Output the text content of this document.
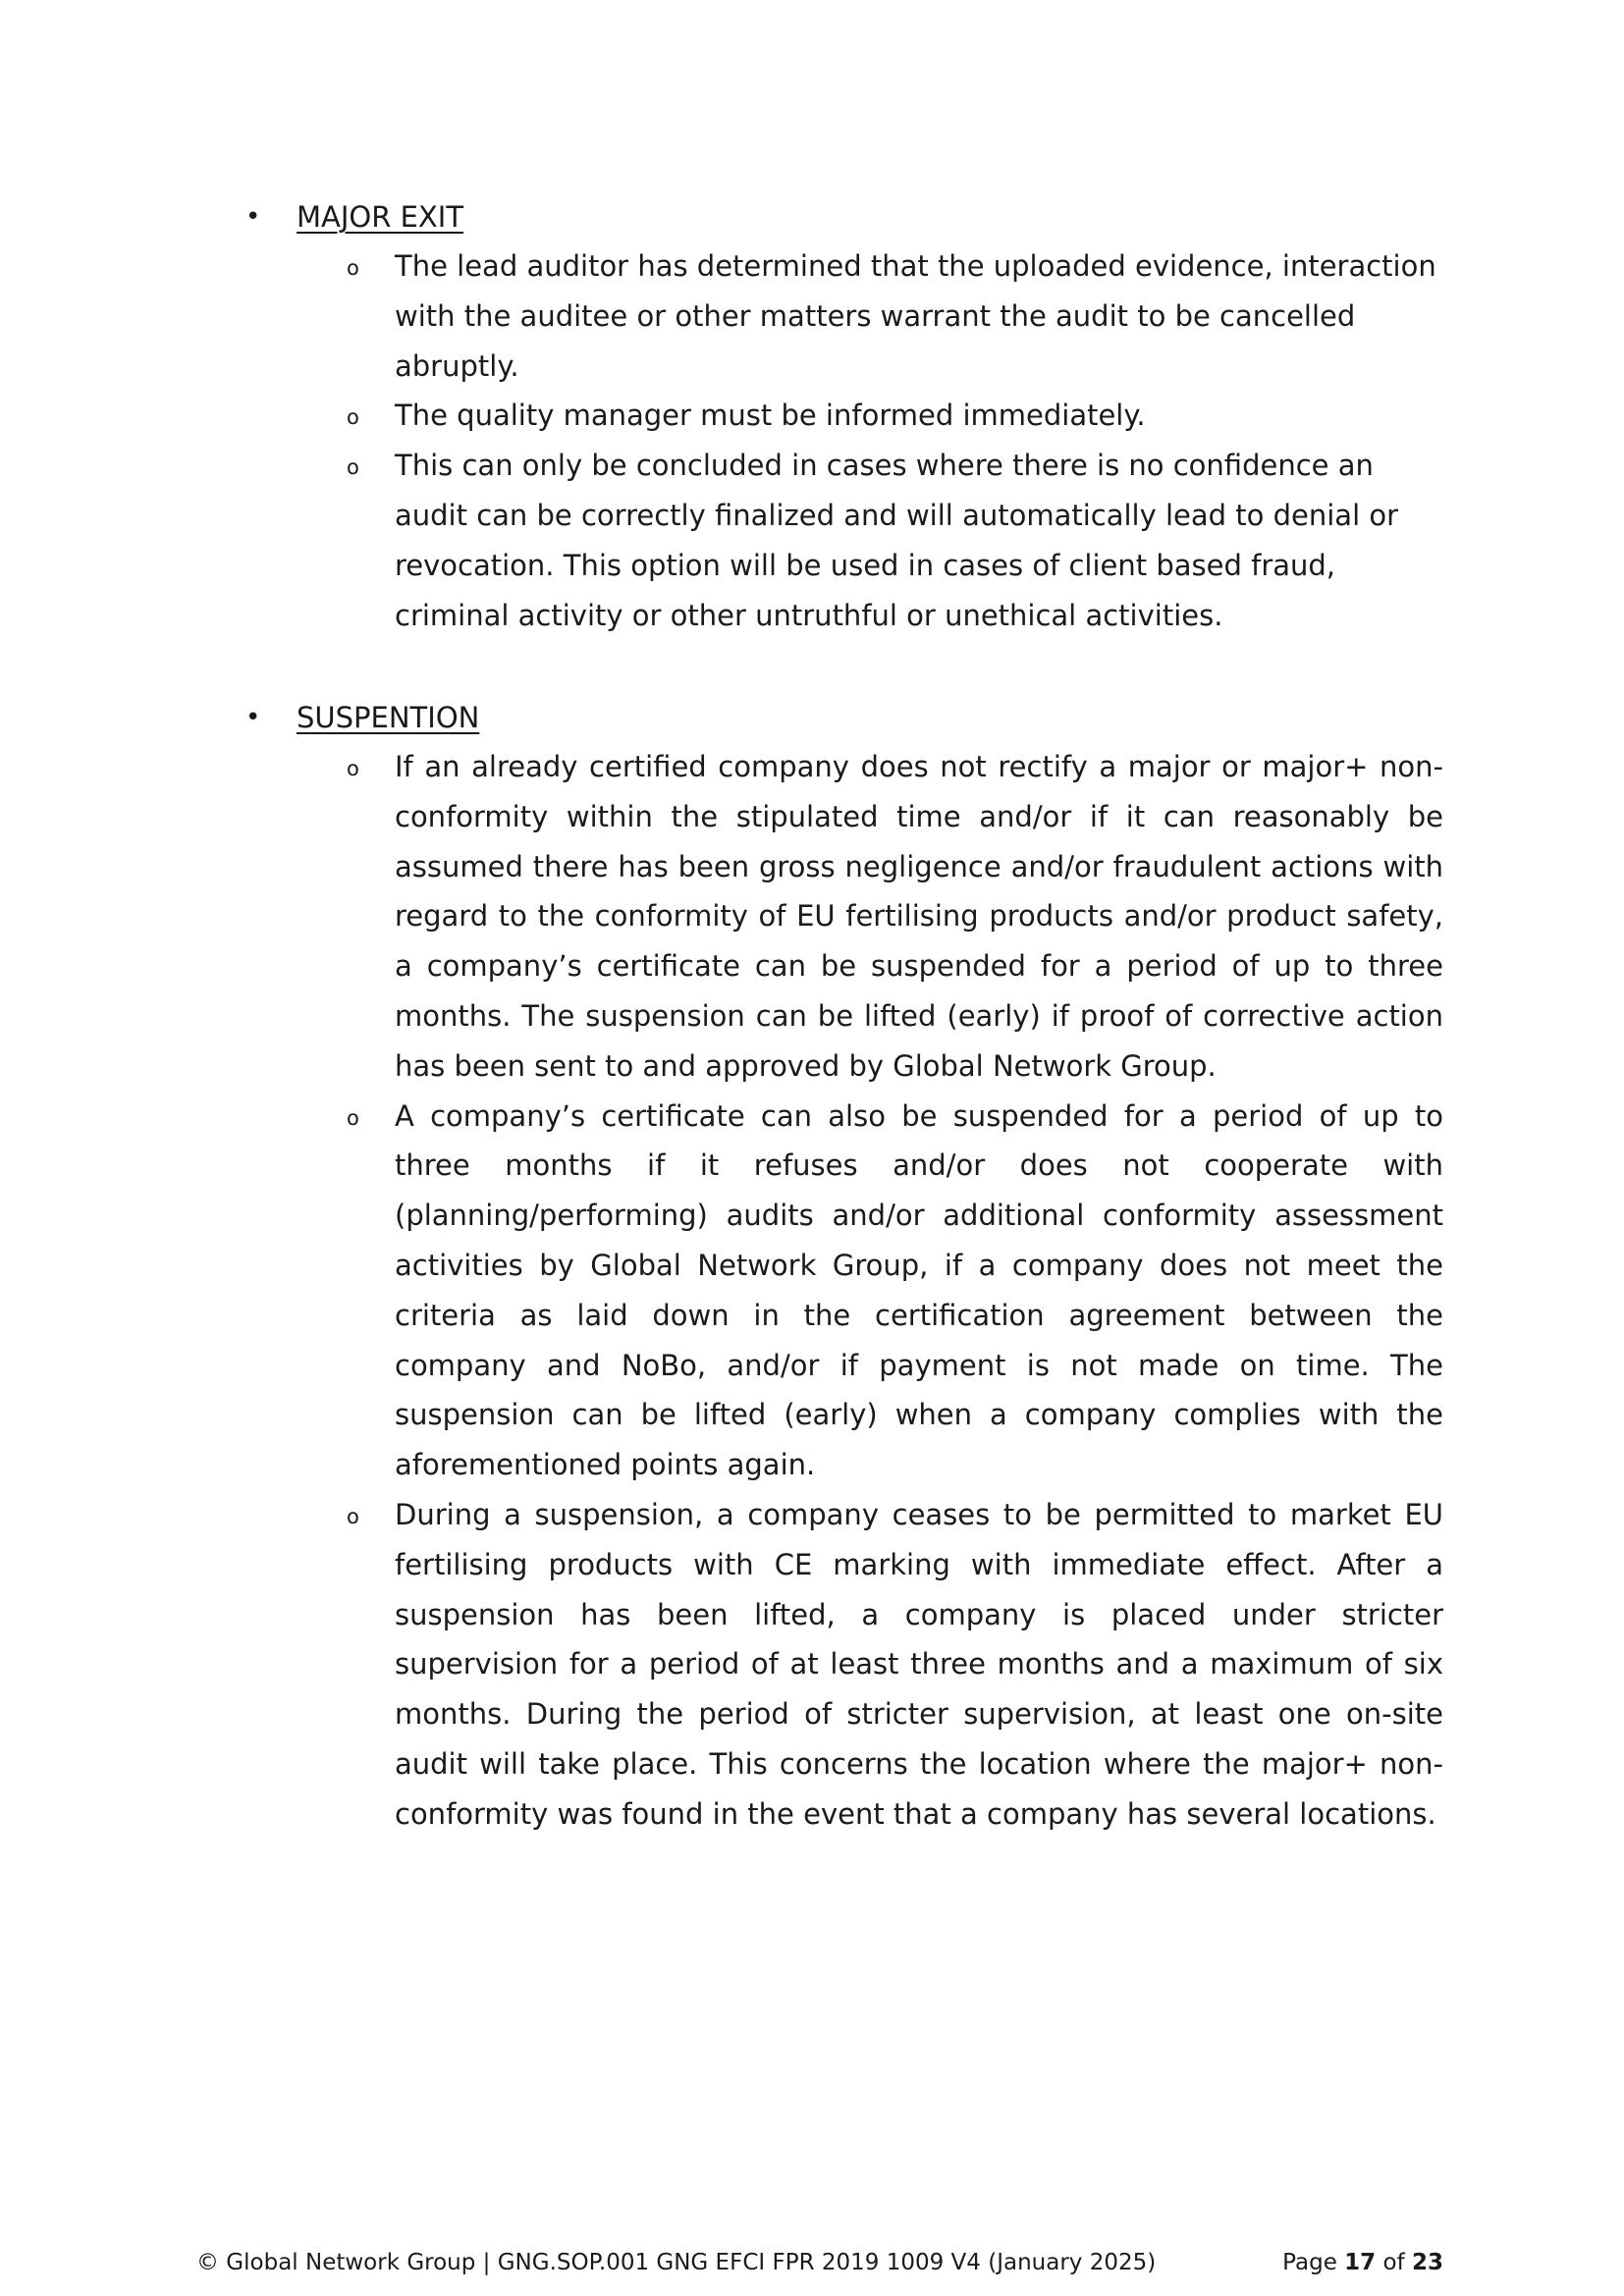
• MAJOR EXIT
o The lead auditor has determined that the uploaded evidence, interaction with the auditee or other matters warrant the audit to be cancelled abruptly.
o The quality manager must be informed immediately.
o This can only be concluded in cases where there is no confidence an audit can be correctly finalized and will automatically lead to denial or revocation. This option will be used in cases of client based fraud, criminal activity or other untruthful or unethical activities.
• SUSPENTION
o If an already certified company does not rectify a major or major+ non-conformity within the stipulated time and/or if it can reasonably be assumed there has been gross negligence and/or fraudulent actions with regard to the conformity of EU fertilising products and/or product safety, a company’s certificate can be suspended for a period of up to three months. The suspension can be lifted (early) if proof of corrective action has been sent to and approved by Global Network Group.
o A company’s certificate can also be suspended for a period of up to three months if it refuses and/or does not cooperate with (planning/performing) audits and/or additional conformity assessment activities by Global Network Group, if a company does not meet the criteria as laid down in the certification agreement between the company and NoBo, and/or if payment is not made on time. The suspension can be lifted (early) when a company complies with the aforementioned points again.
o During a suspension, a company ceases to be permitted to market EU fertilising products with CE marking with immediate effect. After a suspension has been lifted, a company is placed under stricter supervision for a period of at least three months and a maximum of six months. During the period of stricter supervision, at least one on-site audit will take place. This concerns the location where the major+ non-conformity was found in the event that a company has several locations.
© Global Network Group | GNG.SOP.001 GNG EFCI FPR 2019 1009 V4 (January 2025)	Page 17 of 23
